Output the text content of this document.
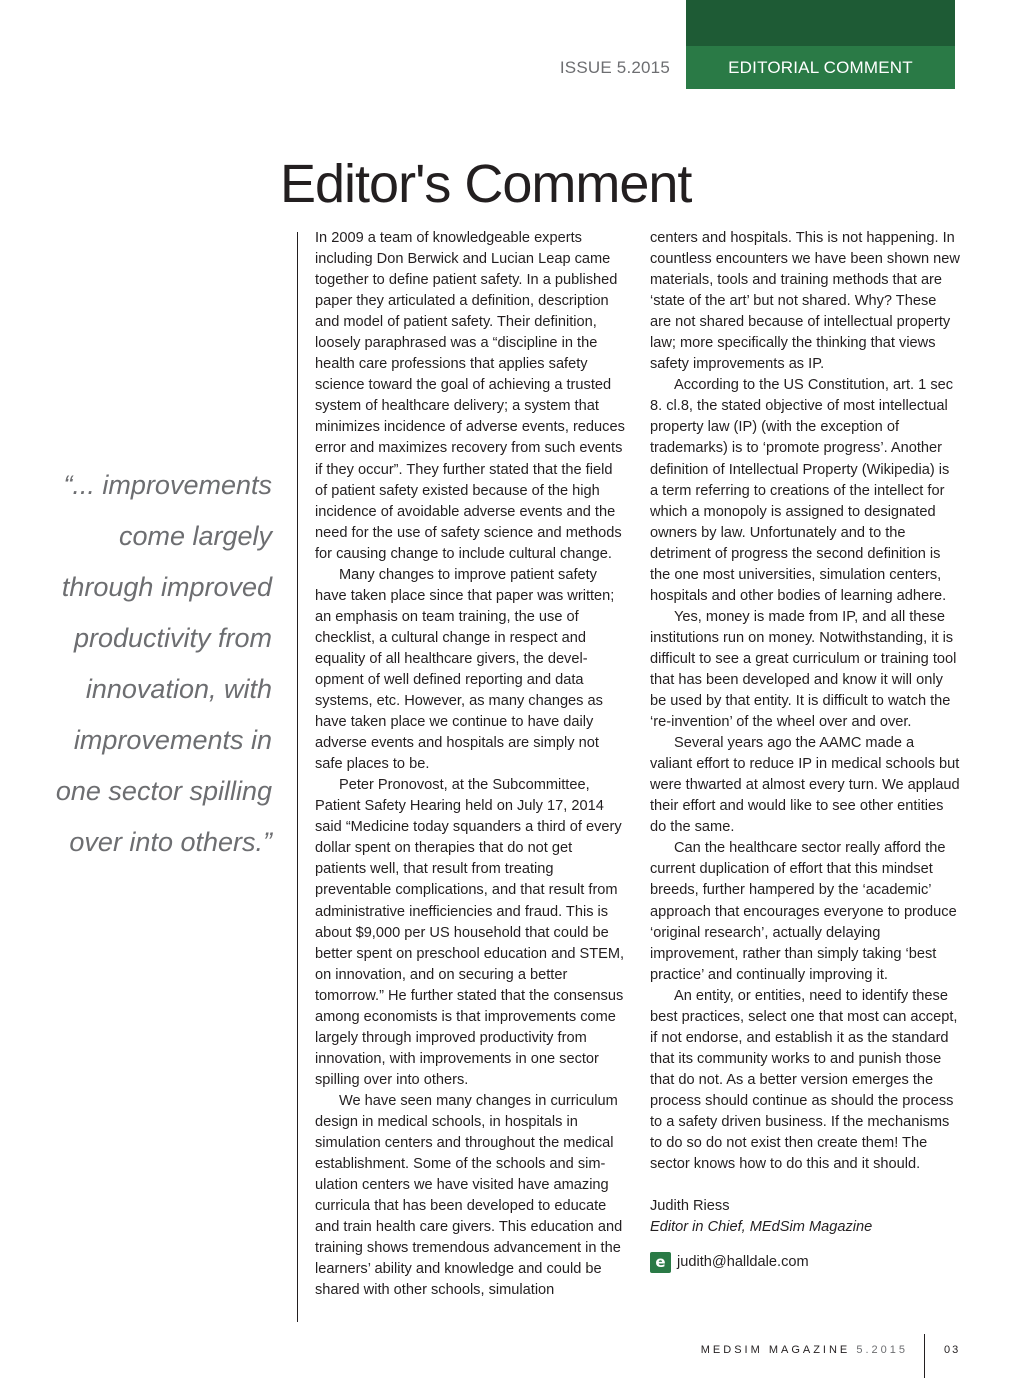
EDITORIAL COMMENT
ISSUE 5.2015
Editor's Comment
“... improvements come largely through improved productivity from innovation, with improvements in one sector spilling over into others.”

In 2009 a team of knowledgeable experts including Don Berwick and Lucian Leap came together to define patient safety. In a published paper they articulated a definition, description and model of patient safety. Their definition, loosely paraphrased was a “discipline in the health care professions that applies safety science toward the goal of achieving a trusted system of healthcare delivery; a system that minimizes incidence of adverse events, reduces error and maximizes recovery from such events if they occur”. They further stated that the field of patient safety existed because of the high incidence of avoidable adverse events and the need for the use of safety science and methods for causing change to include cultural change.

Many changes to improve patient safety have taken place since that paper was written; an emphasis on team training, the use of checklist, a cultural change in respect and equality of all healthcare givers, the development of well defined reporting and data systems, etc. However, as many changes as have taken place we continue to have daily adverse events and hospitals are simply not safe places to be.

Peter Pronovost, at the Subcommittee, Patient Safety Hearing held on July 17, 2014 said “Medicine today squanders a third of every dollar spent on therapies that do not get patients well, that result from treating preventable complications, and that result from administrative inefficiencies and fraud. This is about $9,000 per US household that could be better spent on preschool education and STEM, on innovation, and on securing a better tomorrow.” He further stated that the consensus among economists is that improvements come largely through improved productivity from innovation, with improvements in one sector spilling over into others.

We have seen many changes in curriculum design in medical schools, in hospitals in simulation centers and throughout the medical establishment. Some of the schools and simulation centers we have visited have amazing curricula that has been developed to educate and train health care givers. This education and training shows tremendous advancement in the learners’ ability and knowledge and could be shared with other schools, simulation

centers and hospitals. This is not happening. In countless encounters we have been shown new materials, tools and training methods that are ‘state of the art’ but not shared. Why? These are not shared because of intellectual property law; more specifically the thinking that views safety improvements as IP.

According to the US Constitution, art. 1 sec 8. cl.8, the stated objective of most intellectual property law (IP) (with the exception of trademarks) is to ‘promote progress’. Another definition of Intellectual Property (Wikipedia) is a term referring to creations of the intellect for which a monopoly is assigned to designated owners by law. Unfortunately and to the detriment of progress the second definition is the one most universities, simulation centers, hospitals and other bodies of learning adhere.

Yes, money is made from IP, and all these institutions run on money. Notwithstanding, it is difficult to see a great curriculum or training tool that has been developed and know it will only be used by that entity. It is difficult to watch the ‘re-invention’ of the wheel over and over.

Several years ago the AAMC made a valiant effort to reduce IP in medical schools but were thwarted at almost every turn. We applaud their effort and would like to see other entities do the same.

Can the healthcare sector really afford the current duplication of effort that this mindset breeds, further hampered by the ‘academic’ approach that encourages everyone to produce ‘original research’, actually delaying improvement, rather than simply taking ‘best practice’ and continually improving it.

An entity, or entities, need to identify these best practices, select one that most can accept, if not endorse, and establish it as the standard that its community works to and punish those that do not. As a better version emerges the process should continue as should the process to a safety driven business. If the mechanisms to do so do not exist then create them! The sector knows how to do this and it should.

Judith Riess

Editor in Chief, MEdSim Magazine

e judith@halldale.com
MEDSIM MAGAZINE 5.2015	03
